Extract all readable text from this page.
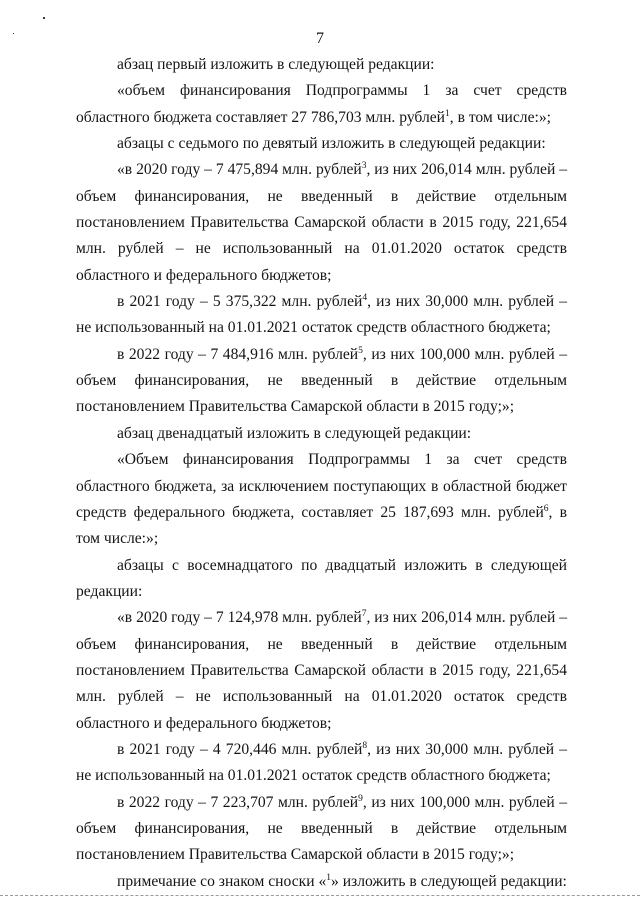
7

абзац первый изложить в следующей редакции:

«объем финансирования Подпрограммы 1 за счет средств областного бюджета составляет 27 786,703 млн. рублей$^1$, в том числе:»;

абзацы с седьмого по девятый изложить в следующей редакции:

«в 2020 году – 7 475,894 млн. рублей$^3$, из них 206,014 млн. рублей – объем финансирования, не введенный в действие отдельным постановлением Правительства Самарской области в 2015 году, 221,654 млн. рублей – не использованный на 01.01.2020 остаток средств областного и федерального бюджетов;

в 2021 году – 5 375,322 млн. рублей$^4$, из них 30,000 млн. рублей – не использованный на 01.01.2021 остаток средств областного бюджета;

в 2022 году – 7 484,916 млн. рублей$^5$, из них 100,000 млн. рублей – объем финансирования, не введенный в действие отдельным постановлением Правительства Самарской области в 2015 году;»;

абзац двенадцатый изложить в следующей редакции:

«Объем финансирования Подпрограммы 1 за счет средств областного бюджета, за исключением поступающих в областной бюджет средств федерального бюджета, составляет 25 187,693 млн. рублей$^6$, в том числе:»;

абзацы с восемнадцатого по двадцатый изложить в следующей редакции:

«в 2020 году – 7 124,978 млн. рублей$^7$, из них 206,014 млн. рублей – объем финансирования, не введенный в действие отдельным постановлением Правительства Самарской области в 2015 году, 221,654 млн. рублей – не использованный на 01.01.2020 остаток средств областного и федерального бюджетов;

в 2021 году – 4 720,446 млн. рублей$^8$, из них 30,000 млн. рублей – не использованный на 01.01.2021 остаток средств областного бюджета;

в 2022 году – 7 223,707 млн. рублей$^9$, из них 100,000 млн. рублей – объем финансирования, не введенный в действие отдельным постановлением Правительства Самарской области в 2015 году;»;

примечание со знаком сноски «$^1$» изложить в следующей редакции:
